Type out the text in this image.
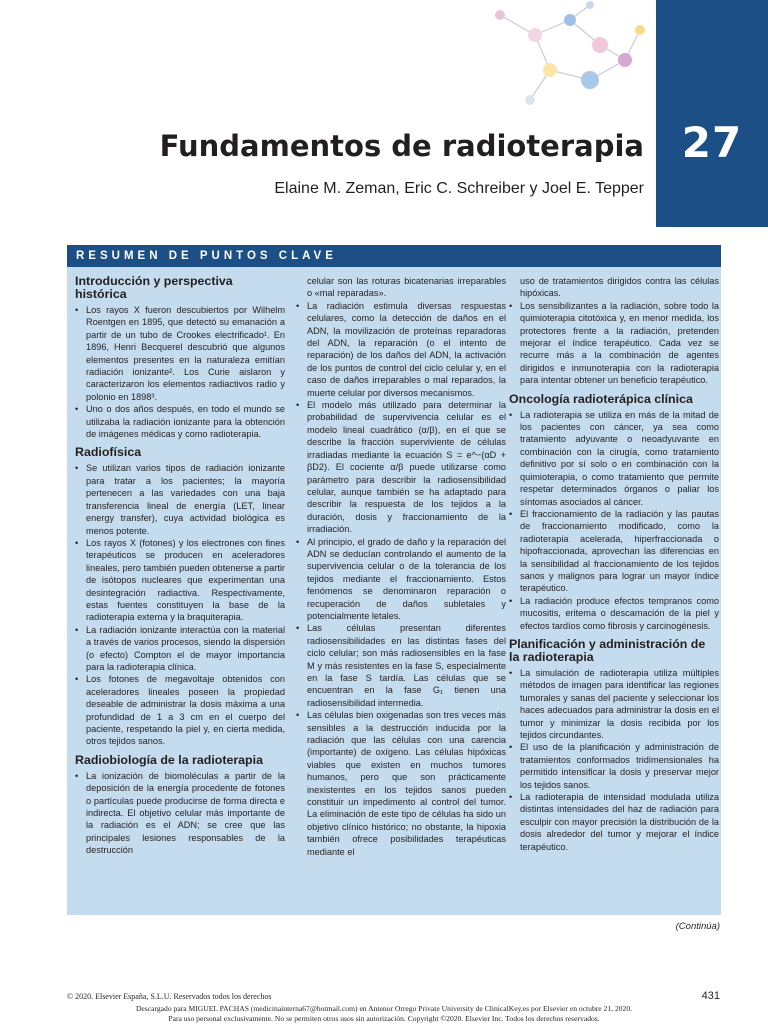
27
Fundamentos de radioterapia
Elaine M. Zeman, Eric C. Schreiber y Joel E. Tepper
RESUMEN DE PUNTOS CLAVE
Introducción y perspectiva histórica
• Los rayos X fueron descubiertos por Wilhelm Roentgen en 1895, que detectó su emanación a partir de un tubo de Crookes electrificado¹. En 1896, Henri Becquerel descubrió que algunos elementos presentes en la naturaleza emitían radiación ionizante². Los Curie aislaron y caracterizaron los elementos radiactivos radio y polonio en 1898³.
• Uno o dos años después, en todo el mundo se utilizaba la radiación ionizante para la obtención de imágenes médicas y como radioterapia.
Radiofísica
• Se utilizan varios tipos de radiación ionizante para tratar a los pacientes; la mayoría pertenecen a las variedades con una baja transferencia lineal de energía (LET, linear energy transfer), cuya actividad biológica es menos potente.
• Los rayos X (fotones) y los electrones con fines terapéuticos se producen en aceleradores lineales, pero también pueden obtenerse a partir de isótopos nucleares que experimentan una desintegración radiactiva. Respectivamente, estas fuentes constituyen la base de la radioterapia externa y la braquiterapia.
• La radiación ionizante interactúa con la material a través de varios procesos, siendo la dispersión (o efecto) Compton el de mayor importancia para la radioterapia clínica.
• Los fotones de megavoltaje obtenidos con aceleradores lineales poseen la propiedad deseable de administrar la dosis máxima a una profundidad de 1 a 3 cm en el cuerpo del paciente, respetando la piel y, en cierta medida, otros tejidos sanos.
Radiobiología de la radioterapia
• La ionización de biomoléculas a partir de la deposición de la energía procedente de fotones o partículas puede producirse de forma directa e indirecta. El objetivo celular más importante de la radiación es el ADN; se cree que las principales lesiones responsables de la destrucción
celular son las roturas bicatenarias irreparables o «mal reparadas».
• La radiación estimula diversas respuestas celulares, como la detección de daños en el ADN, la movilización de proteínas reparadoras del ADN, la reparación (o el intento de reparación) de los daños del ADN, la activación de los puntos de control del ciclo celular y, en el caso de daños irreparables o mal reparados, la muerte celular por diversos mecanismos.
• El modelo más utilizado para determinar la probabilidad de supervivencia celular es el modelo lineal cuadrático (α/β), en el que se describe la fracción superviviente de células irradiadas mediante la ecuación S = e^−(αD + βD2). El cociente α/β puede utilizarse como parámetro para describir la radiosensibilidad celular, aunque también se ha adaptado para describir la respuesta de los tejidos a la duración, dosis y fraccionamiento de la irradiación.
• Al principio, el grado de daño y la reparación del ADN se deducían controlando el aumento de la supervivencia celular o de la tolerancia de los tejidos mediante el fraccionamiento. Estos fenómenos se denominaron reparación o recuperación de daños subletales y potencialmente letales.
• Las células presentan diferentes radiosensibilidades en las distintas fases del ciclo celular; son más radiosensibles en la fase M y más resistentes en la fase S, especialmente en la fase S tardía. Las células que se encuentran en la fase G₁ tienen una radiosensibilidad intermedia.
• Las células bien oxigenadas son tres veces más sensibles a la destrucción inducida por la radiación que las células con una carencia (importante) de oxígeno. Las células hipóxicas viables que existen en muchos tumores humanos, pero que son prácticamente inexistentes en los tejidos sanos pueden constituir un impedimento al control del tumor. La eliminación de este tipo de células ha sido un objetivo clínico histórico; no obstante, la hipoxia también ofrece posibilidades terapéuticas mediante el
uso de tratamientos dirigidos contra las células hipóxicas.
• Los sensibilizantes a la radiación, sobre todo la quimioterapia citotóxica y, en menor medida, los protectores frente a la radiación, pretenden mejorar el índice terapéutico. Cada vez se recurre más a la combinación de agentes dirigidos e inmunoterapia con la radioterapia para intentar obtener un beneficio terapéutico.
Oncología radioterápica clínica
• La radioterapia se utiliza en más de la mitad de los pacientes con cáncer, ya sea como tratamiento adyuvante o neoadyuvante en combinación con la cirugía, como tratamiento definitivo por sí solo o en combinación con la quimioterapia, o como tratamiento que permite respetar determinados órganos o paliar los síntomas asociados al cáncer.
• El fraccionamiento de la radiación y las pautas de fraccionamiento modificado, como la radioterapia acelerada, hiperfraccionada o hipofraccionada, aprovechan las diferencias en la sensibilidad al fraccionamiento de los tejidos sanos y malignos para lograr un mayor índice terapéutico.
• La radiación produce efectos tempranos como mucositis, eritema o descamación de la piel y efectos tardíos como fibrosis y carcinogénesis.
Planificación y administración de la radioterapia
• La simulación de radioterapia utiliza múltiples métodos de imagen para identificar las regiones tumorales y sanas del paciente y seleccionar los haces adecuados para administrar la dosis en el tumor y minimizar la dosis recibida por los tejidos circundantes.
• El uso de la planificación y administración de tratamientos conformados tridimensionales ha permitido intensificar la dosis y preservar mejor los tejidos sanos.
• La radioterapia de intensidad modulada utiliza distintas intensidades del haz de radiación para esculpir con mayor precisión la distribución de la dosis alrededor del tumor y mejorar el índice terapéutico.
(Continúa)
© 2020. Elsevier España, S.L.U. Reservados todos los derechos	431
Descargado para MIGUEL PACHAS (medicinainterna67@hotmail.com) en Antenor Orrego Private University de ClinicalKey.es por Elsevier en octubre 21, 2020.
Para uso personal exclusivamente. No se permiten otros usos sin autorización. Copyright ©2020. Elsevier Inc. Todos los derechos reservados.
